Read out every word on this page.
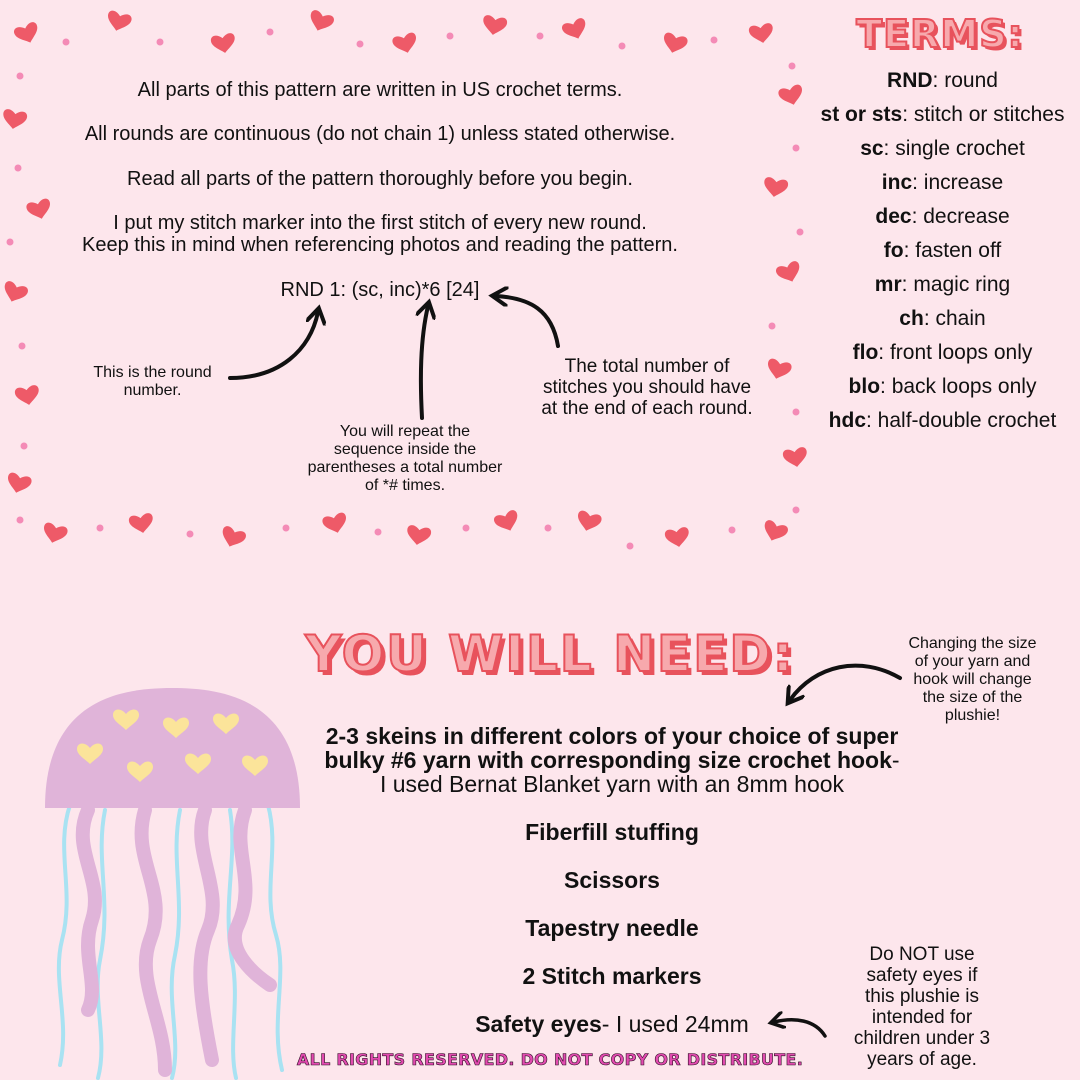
All parts of this pattern are written in US crochet terms.
All rounds are continuous (do not chain 1) unless stated otherwise.
Read all parts of the pattern thoroughly before you begin.
I put my stitch marker into the first stitch of every new round.
Keep this in mind when referencing photos and reading the pattern.
RND 1: (sc, inc)*6 [24]
This is the round
number.
You will repeat the
sequence inside the
parentheses a total number
of *# times.
The total number of
stitches you should have
at the end of each round.
TERMS:
RND: round
st or sts: stitch or stitches
sc: single crochet
inc: increase
dec: decrease
fo: fasten off
mr: magic ring
ch: chain
flo: front loops only
blo: back loops only
hdc: half-double crochet
YOU WILL NEED:	Changing the size
of your yarn and
hook will change
the size of the
plushie!
2-3 skeins in different colors of your choice of super
bulky #6 yarn with corresponding size crochet hook-
I used Bernat Blanket yarn with an 8mm hook
Fiberfill stuffing
Scissors
Tapestry needle
2 Stitch markers
Safety eyes- I used 24mm
Do NOT use
safety eyes if
this plushie is
intended for
children under 3
years of age.
ALL RIGHTS RESERVED. DO NOT COPY OR DISTRIBUTE.
